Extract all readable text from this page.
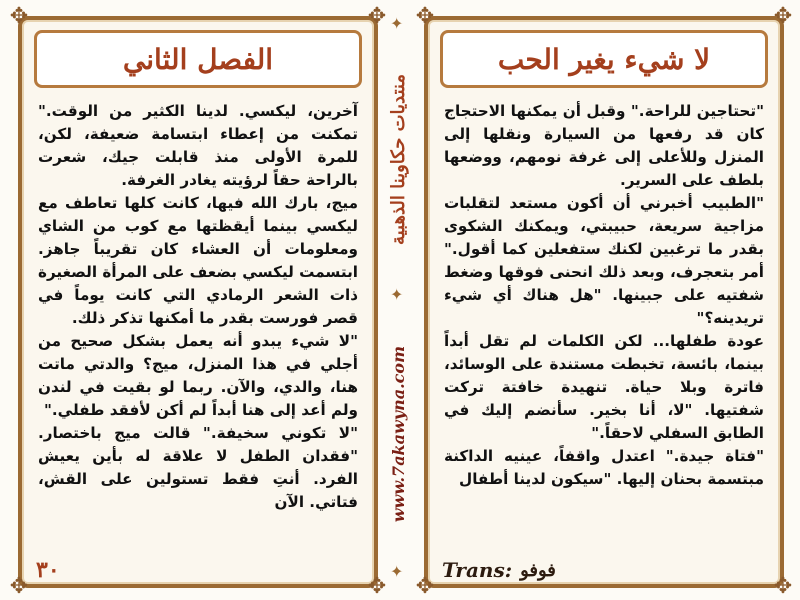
✥	✥
✥	✥
الفصل الثاني

آخرين، ليكسي. لدينا الكثير من الوقت." تمكنت من إعطاء ابتسامة ضعيفة، لكن، للمرة الأولى منذ قابلت جيك، شعرت بالراحة حقاً لرؤيته يغادر الغرفة.

ميج، بارك الله فيها، كانت كلها تعاطف مع ليكسي بينما أيقظتها مع كوب من الشاي ومعلومات أن العشاء كان تقريباً جاهز. ابتسمت ليكسي بضعف على المرأة الصغيرة ذات الشعر الرمادي التي كانت يوماً في قصر فورست بقدر ما أمكنها تذكر ذلك.

"لا شيء يبدو أنه يعمل بشكل صحيح من أجلي في هذا المنزل، ميج؟ والدتي ماتت هنا، والدي، والآن. ربما لو بقيت في لندن ولم أعد إلى هنا أبداً لم أكن لأفقد طفلي."

"لا تكوني سخيفة." قالت ميج باختصار. "فقدان الطفل لا علاقة له بأين يعيش الفرد. أنتِ فقط تستولين على القش، فتاتي. الآن

٣٠
✦
منتديات حكاوينا الذهبية
✦
www.7akawyna.com
✦
✥	✥
✥	✥
لا شيء يغير الحب

"تحتاجين للراحة." وقبل أن يمكنها الاحتجاج كان قد رفعها من السيارة ونقلها إلى المنزل وللأعلى إلى غرفة نومهم، ووضعها بلطف على السرير.

"الطبيب أخبرني أن أكون مستعد لتقلبات مزاجية سريعة، حبيبتي، ويمكنك الشكوى بقدر ما ترغبين لكنك ستفعلين كما أقول." أمر بتعجرف، وبعد ذلك انحنى فوقها وضغط شفتيه على جبينها. "هل هناك أي شيء تريدينه؟"

عودة طفلها... لكن الكلمات لم تقل أبداً بينما، بائسة، تخبطت مستندة على الوسائد، فاترة وبلا حياة. تنهيدة خافتة تركت شفتيها. "لا، أنا بخير. سأنضم إليك في الطابق السفلي لاحقاً."

"فتاة جيدة." اعتدل واقفاً، عينيه الداكنة مبتسمة بحنان إليها. "سيكون لدينا أطفال

Trans: فوفو
